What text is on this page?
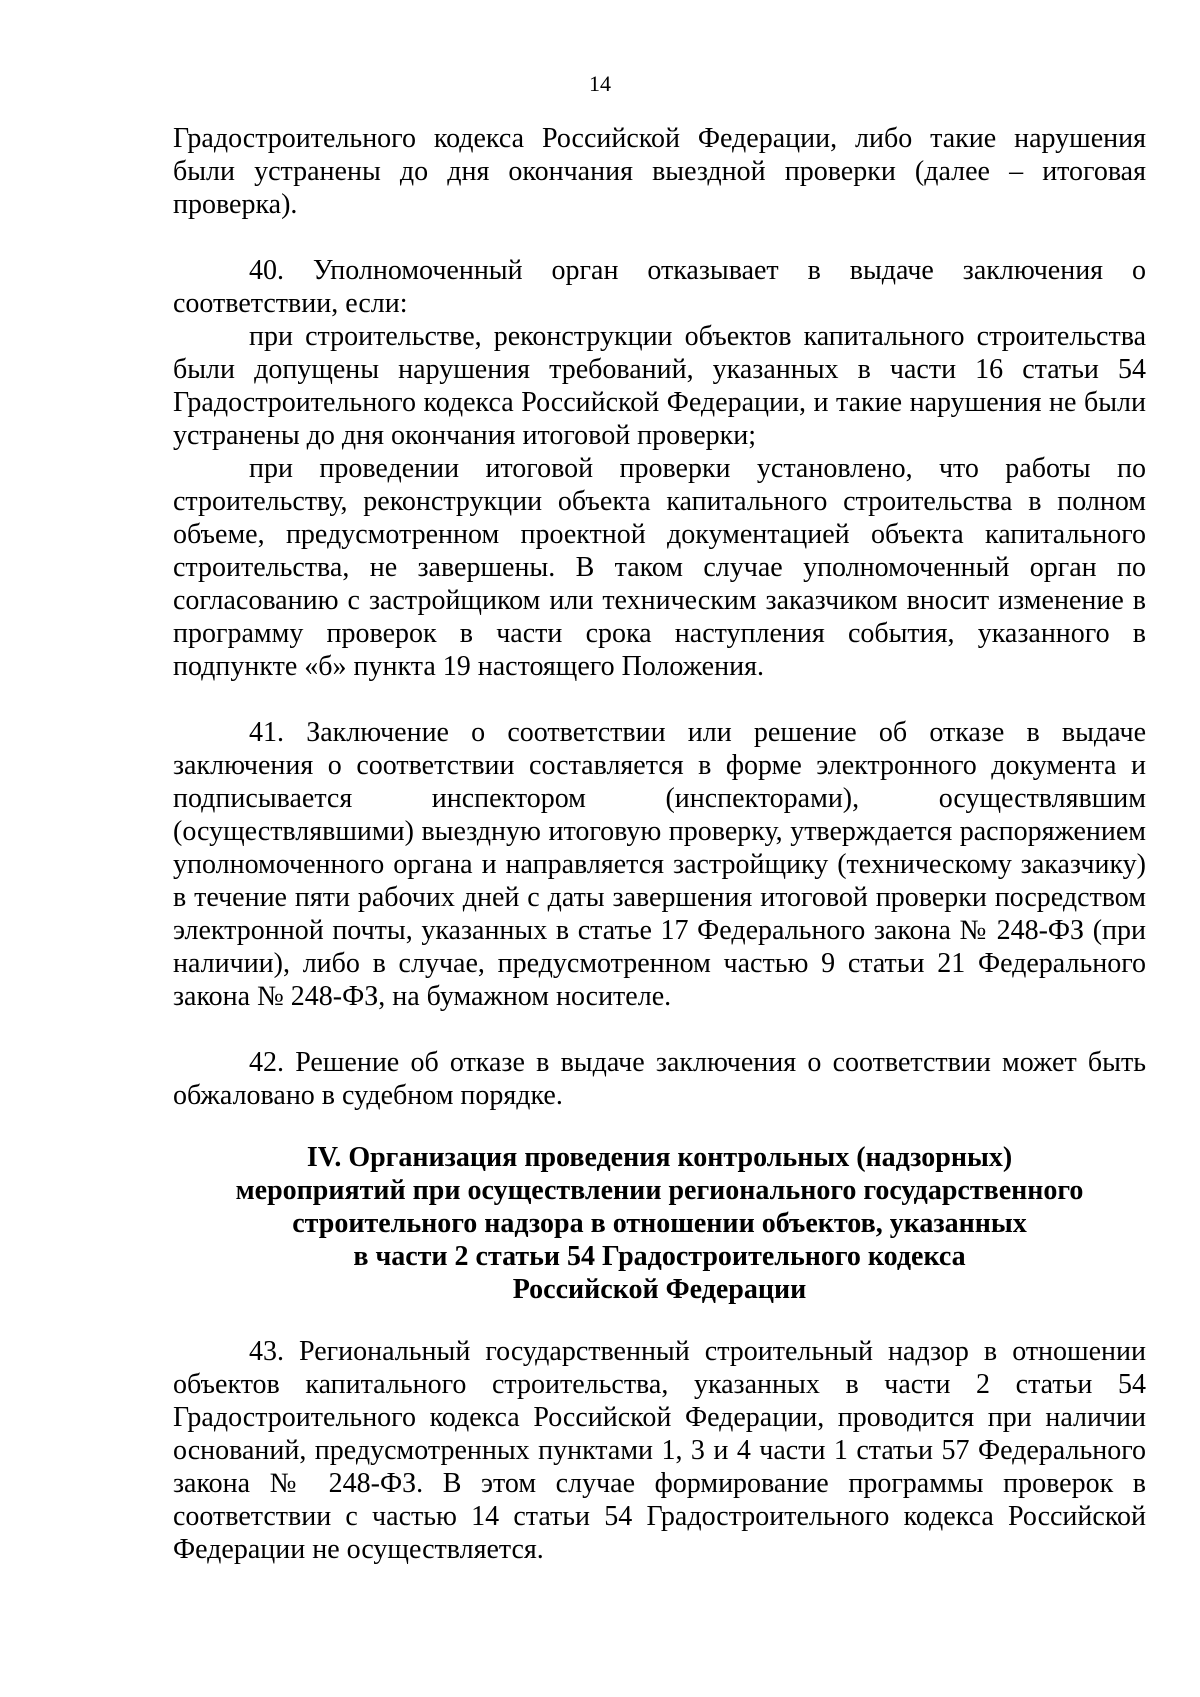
14

Градостроительного кодекса Российской Федерации, либо такие нарушения были устранены до дня окончания выездной проверки (далее – итоговая проверка).

40. Уполномоченный орган отказывает в выдаче заключения о соответствии, если:

при строительстве, реконструкции объектов капитального строительства были допущены нарушения требований, указанных в части 16 статьи 54 Градостроительного кодекса Российской Федерации, и такие нарушения не были устранены до дня окончания итоговой проверки;

при проведении итоговой проверки установлено, что работы по строительству, реконструкции объекта капитального строительства в полном объеме, предусмотренном проектной документацией объекта капитального строительства, не завершены. В таком случае уполномоченный орган по согласованию с застройщиком или техническим заказчиком вносит изменение в программу проверок в части срока наступления события, указанного в подпункте «б» пункта 19 настоящего Положения.

41. Заключение о соответствии или решение об отказе в выдаче заключения о соответствии составляется в форме электронного документа и подписывается инспектором (инспекторами), осуществлявшим (осуществлявшими) выездную итоговую проверку, утверждается распоряжением уполномоченного органа и направляется застройщику (техническому заказчику) в течение пяти рабочих дней с даты завершения итоговой проверки посредством электронной почты, указанных в статье 17 Федерального закона № 248-ФЗ (при наличии), либо в случае, предусмотренном частью 9 статьи 21 Федерального закона № 248-ФЗ, на бумажном носителе.

42. Решение об отказе в выдаче заключения о соответствии может быть обжаловано в судебном порядке.

IV. Организация проведения контрольных (надзорных)
мероприятий при осуществлении регионального государственного
строительного надзора в отношении объектов, указанных
в части 2 статьи 54 Градостроительного кодекса
Российской Федерации

43. Региональный государственный строительный надзор в отношении объектов капитального строительства, указанных в части 2 статьи 54 Градостроительного кодекса Российской Федерации, проводится при наличии оснований, предусмотренных пунктами 1, 3 и 4 части 1 статьи 57 Федерального закона № 248-ФЗ. В этом случае формирование программы проверок в соответствии с частью 14 статьи 54 Градостроительного кодекса Российской Федерации не осуществляется.
